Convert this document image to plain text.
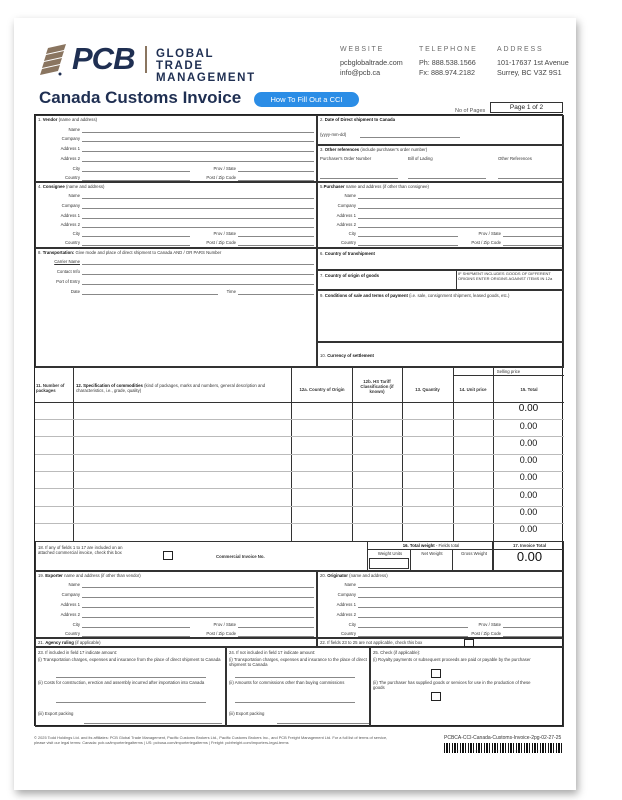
PCB GLOBAL TRADE
MANAGEMENT
WEBSITE
pcbglobaltrade.com
info@pcb.ca
TELEPHONE
Ph: 888.538.1566
Fx: 888.974.2182
ADDRESS
101-17637 1st Avenue
Surrey, BC V3Z 9S1
Canada Customs Invoice	How To Fill Out a CCI
No of Pages	Page 1 of 2
1. Vendor (name and address)
Name
Company
Address 1
Address 2
City	Prov / State
Country	Post / Zip Code
2. Date of Direct shipment to Canada
(yyyy-mm-dd)
3. Other references (include purchaser's order number)
Purchaser's Order Number	Bill of Lading	Other References
4. Consignee (name and address)
Name
Company
Address 1
Address 2
City	Prov / State
Country	Post / Zip Code
5.Purchaser name and address (if other than consignee)
Name
Company
Address 1
Address 2
City	Prov / State
Country	Post / Zip Code
8. Transportation: Give mode and place of direct shipment to Canada AND / OR PARS Number
Carrier Name
Contact Info
Port of Entry
Date	Time
6. Country of transhipment
7. Country of origin of goods	IF SHIPMENT INCLUDES GOODS OF DIFFERENT ORIGINS ENTER ORIGINS AGAINST ITEMS IN 12a
9. Conditions of sale and terms of payment (i.e. sale, consignment shipment, leased goods, etc.)
10. Currency of settlement
Selling price
11. Number of packages
12. Specification of commodities (kind of packages, marks and numbers, general description and characteristics, i.e., grade, quality)	12a. Country of Origin
12b. HS Tariff Classification (if known)	13. Quantity	14. Unit price	15. Total
0.00
0.00
0.00
0.00
0.00
0.00
0.00
0.00
18. If any of fields 1 to 17 are included on an attached commercial invoice, check this box
Commercial Invoice No.
16. Total weight - Fields total
Weight Units	Net Weight	Gross Weight
17. Invoice Total
0.00
19. Exporter name and address (if other than vendor)
Name
Company
Address 1
Address 2
City	Prov / State
Country	Post / Zip Code
20. Originator (name and address)
Name
Company
Address 1
Address 2
City	Prov / State
Country	Post / Zip Code
21. Agency ruling (if applicable)	22. If fields 23 to 25 are not applicable, check this box
23. If included in field 17 indicate amount:
(i) Transportation charges, expenses and insurance from the place of direct shipment to Canada
(ii) Costs for construction, erection and assembly incurred after importation into Canada
(iii) Export packing
24. If not included in field 17 indicate amount:
(i) Transportation charges, expenses and insurance to the place of direct shipment to Canada
(ii) Amounts for commissions other than buying commissions
(iii) Export packing
25. Check (if applicable):
(i) Royalty payments or subsequent proceeds are paid or payable by the purchaser
(ii) The purchaser has supplied goods or services for use in the production of these goods
© 2025 Todd Holdings Ltd. and its affiliates: PCB Global Trade Management, Pacific Customs Brokers Ltd., Pacific Customs Brokers Inc., and PCB Freight Management Ltd. For a full list of terms of service, please visit our legal terms: Canada: pcb.ca/importerlegalterms | US: pcbusa.com/importerlegalterms | Freight: pcbfreight.com/importers-legal-terms
PCBCA-CCI-Canada-Customs-Invoice-2pg-02-27-25
